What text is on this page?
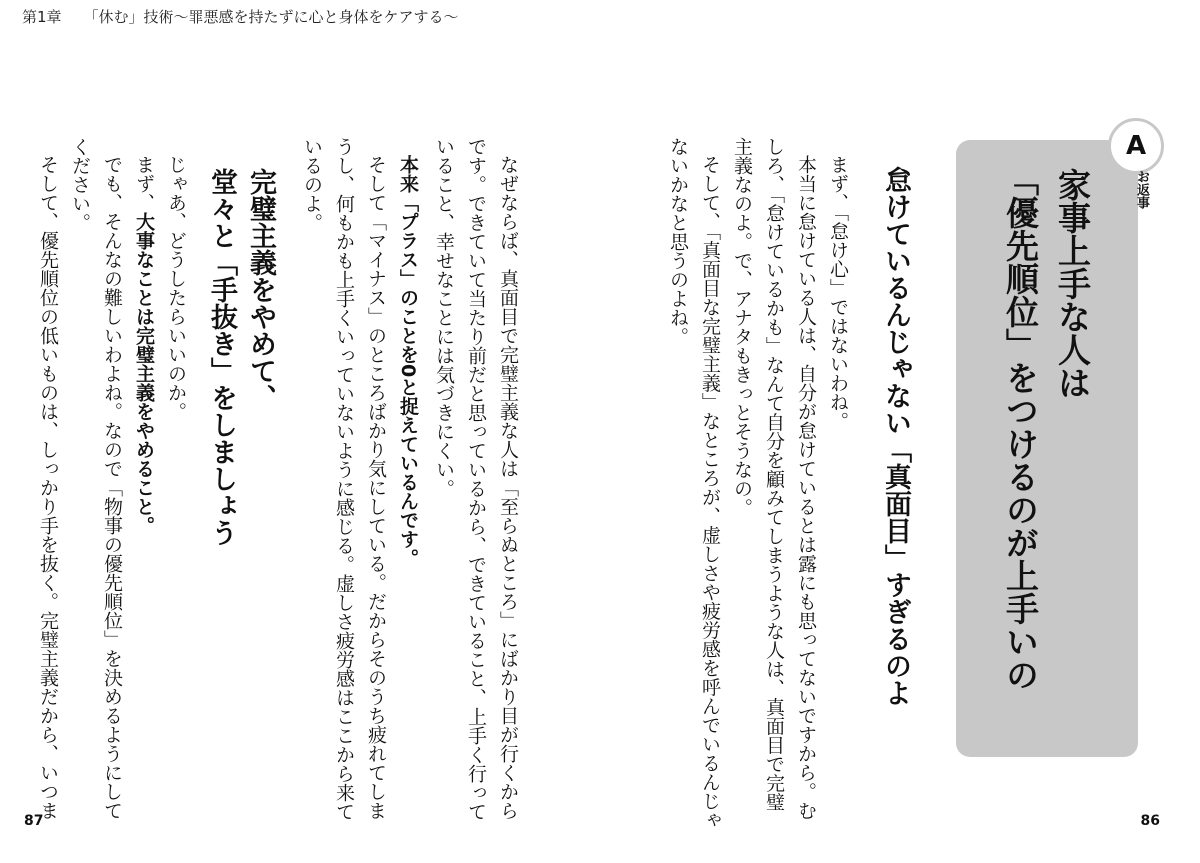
第1章 「休む」技術～罪悪感を持たずに心と身体をケアする～
A
お返事
家事上手な人は
「優先順位」をつけるのが上手いの
怠けているんじゃない「真面目」すぎるのよ
まず、「怠け心」ではないわね。
本当に怠けている人は、自分が怠けているとは露にも思ってないですから。む
しろ、「怠けているかも」なんて自分を顧みてしまうような人は、真面目で完璧
主義なのよ。で、アナタもきっとそうなの。
そして、「真面目な完璧主義」なところが、虚しさや疲労感を呼んでいるんじゃ
ないかなと思うのよね。
なぜならば、真面目で完璧主義な人は「至らぬところ」にばかり目が行くから
です。できていて当たり前だと思っているから、できていること、上手く行って
いること、幸せなことには気づきにくい。
本来「プラス」のことを0と捉えているんです。
そして「マイナス」のところばかり気にしている。だからそのうち疲れてしま
うし、何もかも上手くいっていないように感じる。虚しさ疲労感はここから来て
いるのよ。
完璧主義をやめて、
堂々と「手抜き」をしましょう
じゃあ、どうしたらいいのか。
まず、大事なことは完璧主義をやめること。
でも、そんなの難しいわよね。なので「物事の優先順位」を決めるようにして
ください。
そして、優先順位の低いものは、しっかり手を抜く。完璧主義だから、いつま
87	86
